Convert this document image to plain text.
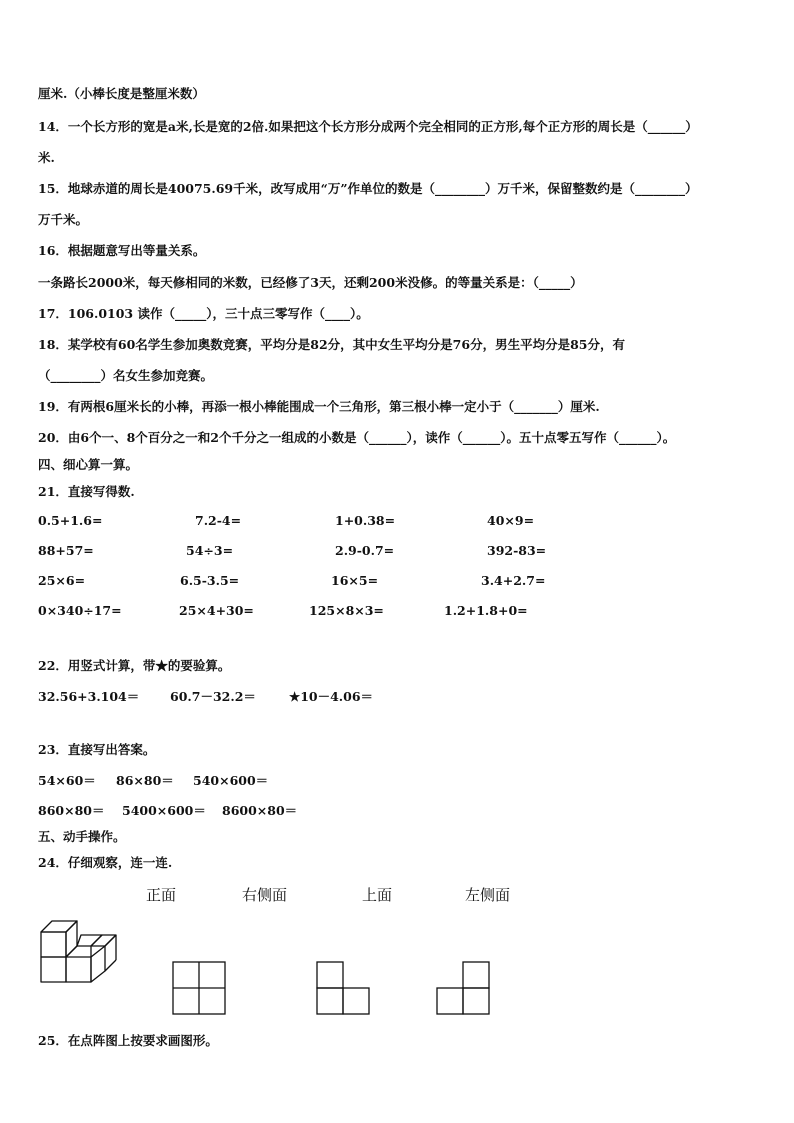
厘米.（小棒长度是整厘米数）
14．一个长方形的宽是a米,长是宽的2倍.如果把这个长方形分成两个完全相同的正方形,每个正方形的周长是（______）
米.
15．地球赤道的周长是40075.69千米，改写成用“万”作单位的数是（________）万千米，保留整数约是（________）
万千米。
16．根据题意写出等量关系。
一条路长2000米，每天修相同的米数，已经修了3天，还剩200米没修。的等量关系是：（_____）
17．106.0103 读作（_____），三十点三零写作（____）。
18．某学校有60名学生参加奥数竞赛，平均分是82分，其中女生平均分是76分，男生平均分是85分，有
（________）名女生参加竞赛。
19．有两根6厘米长的小棒，再添一根小棒能围成一个三角形，第三根小棒一定小于（_______）厘米.
20．由6个一、8个百分之一和2个千分之一组成的小数是（______），读作（______）。五十点零五写作（______）。
四、细心算一算。
21．直接写得数.
0.5+1.6=	7.2-4=	1+0.38=	40×9=
88+57=	54÷3=	2.9-0.7=	392-83=
25×6=	6.5-3.5=	16×5=	3.4+2.7=
0×340÷17=	25×4+30=	125×8×3=	1.2+1.8+0=
22．用竖式计算，带★的要验算。
32.56+3.104＝ 60.7－32.2＝	★10－4.06＝
23．直接写出答案。
54×60＝ 86×80＝ 540×600＝
860×80＝ 5400×600＝ 8600×80＝
五、动手操作。
24．仔细观察，连一连.
正面	右侧面	上面	左侧面
25．在点阵图上按要求画图形。
